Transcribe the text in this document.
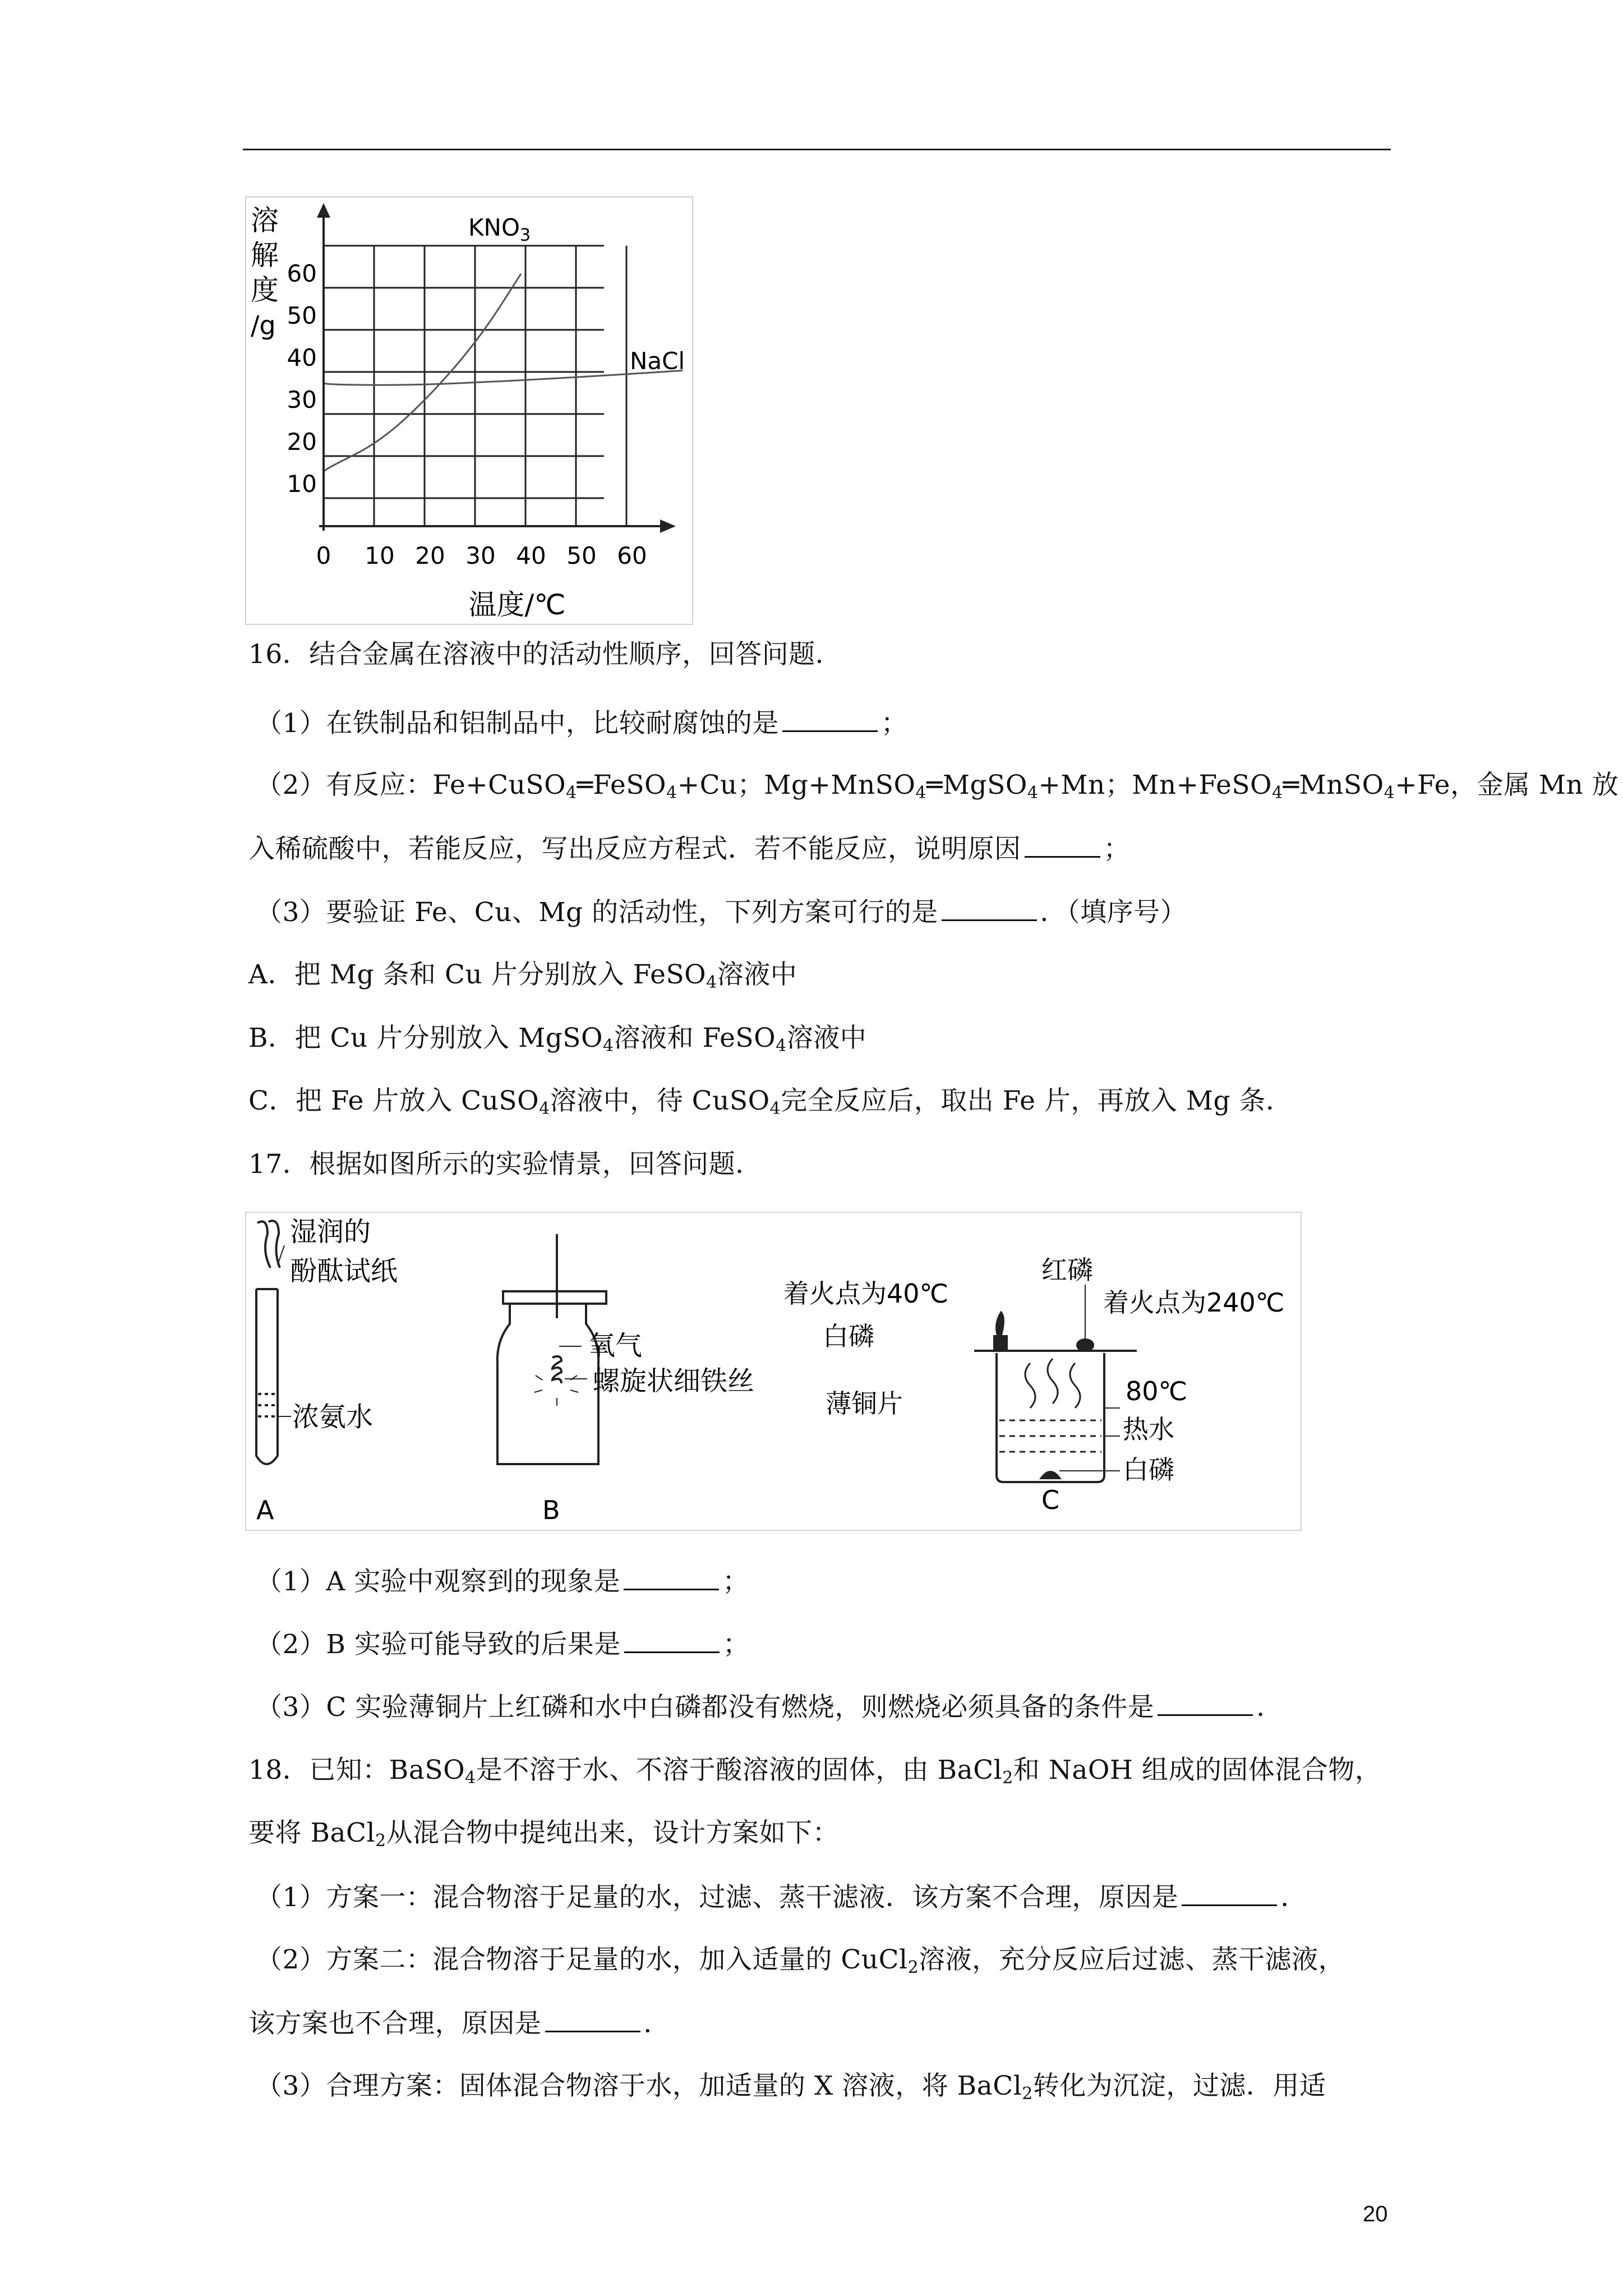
10
20
30
40
50
60
0 10 20 30 40 50 60
溶
解
度
/g
温度/℃
$KNO_3$
NaCl
16．结合金属在溶液中的活动性顺序，回答问题．
（1）在铁制品和铝制品中，比较耐腐蚀的是	；
（2）有反应：Fe+CuSO$_4$═FeSO$_4$+Cu；Mg+MnSO$_4$═MgSO$_4$+Mn；Mn+FeSO$_4$═MnSO$_4$+Fe，金属 Mn 放
入稀硫酸中，若能反应，写出反应方程式．若不能反应，说明原因	；
（3）要验证 Fe、Cu、Mg 的活动性，下列方案可行的是	．（填序号）
A．把 Mg 条和 Cu 片分别放入 FeSO$_4$溶液中
B．把 Cu 片分别放入 MgSO$_4$溶液和 FeSO$_4$溶液中
C．把 Fe 片放入 CuSO$_4$溶液中，待 CuSO$_4$完全反应后，取出 Fe 片，再放入 Mg 条．
17．根据如图所示的实验情景，回答问题．
湿润的
酚酞试纸
浓氨水
A
氧气
螺旋状细铁丝
B
着火点为40℃
红磷
着火点为240℃
白磷
薄铜片	80℃
热水
白磷
C
（1）A 实验中观察到的现象是	；
（2）B 实验可能导致的后果是	；
（3）C 实验薄铜片上红磷和水中白磷都没有燃烧，则燃烧必须具备的条件是	．
18．已知：BaSO$_4$是不溶于水、不溶于酸溶液的固体，由 BaCl$_2$和 NaOH 组成的固体混合物，
要将 BaCl$_2$从混合物中提纯出来，设计方案如下：
（1）方案一：混合物溶于足量的水，过滤、蒸干滤液．该方案不合理，原因是	．
（2）方案二：混合物溶于足量的水，加入适量的 CuCl$_2$溶液，充分反应后过滤、蒸干滤液，
该方案也不合理，原因是	．
（3）合理方案：固体混合物溶于水，加适量的 X 溶液，将 BaCl$_2$转化为沉淀，过滤．用适
20
